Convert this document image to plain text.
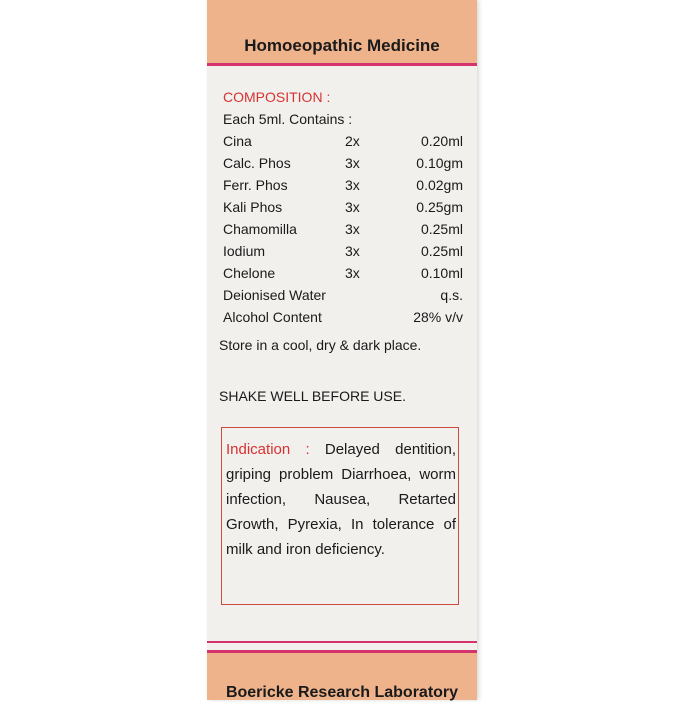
Homoeopathic Medicine
COMPOSITION :
Each 5ml. Contains :
Cina	2x	0.20ml
Calc. Phos	3x	0.10gm
Ferr. Phos	3x	0.02gm
Kali Phos	3x	0.25gm
Chamomilla	3x	0.25ml
Iodium	3x	0.25ml
Chelone	3x	0.10ml
Deionised Water	q.s.
Alcohol Content	28% v/v
Store in a cool, dry & dark place.
SHAKE WELL BEFORE USE.
Indication : Delayed dentition, griping problem Diarrhoea, worm infection, Nausea, Retarted Growth, Pyrexia, In tolerance of milk and iron deficiency.
Boericke Research Laboratory
